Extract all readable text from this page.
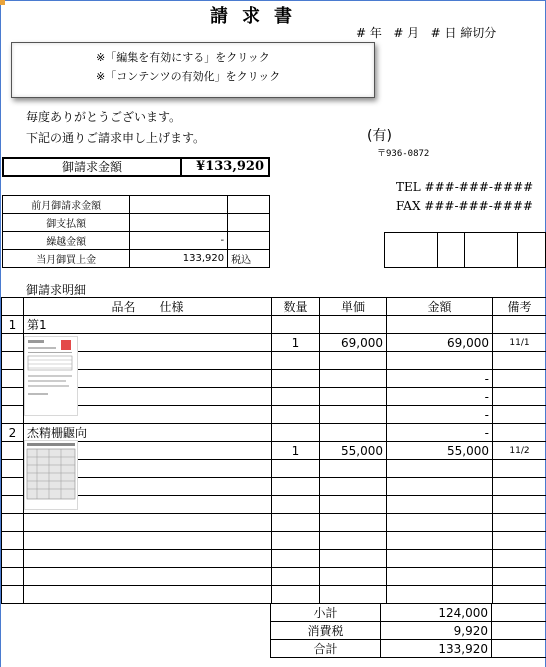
請求書
# 年   # 月   # 日 締切分
※「編集を有効にする」をクリック
※「コンテンツの有効化」をクリック
毎度ありがとうございます。
下記の通りご請求申し上げます。	(有)
〒936-0872
御請求金額	¥133,920
TEL ###-###-####
FAX ###-###-####
前月御請求金額		
御支払額		
繰越金額	-	
当月御買上金	133,920	税込
御請求明細
	品名　　仕様	数量	単価	金額	備考
1	第1				
		1	69,000	69,000	11/1

				-	
				-	
				-	
2	杰精栅鼴向			-	
		1	55,000	55,000	11/2

小計	124,000	
消費税	9,920	
合計	133,920	
